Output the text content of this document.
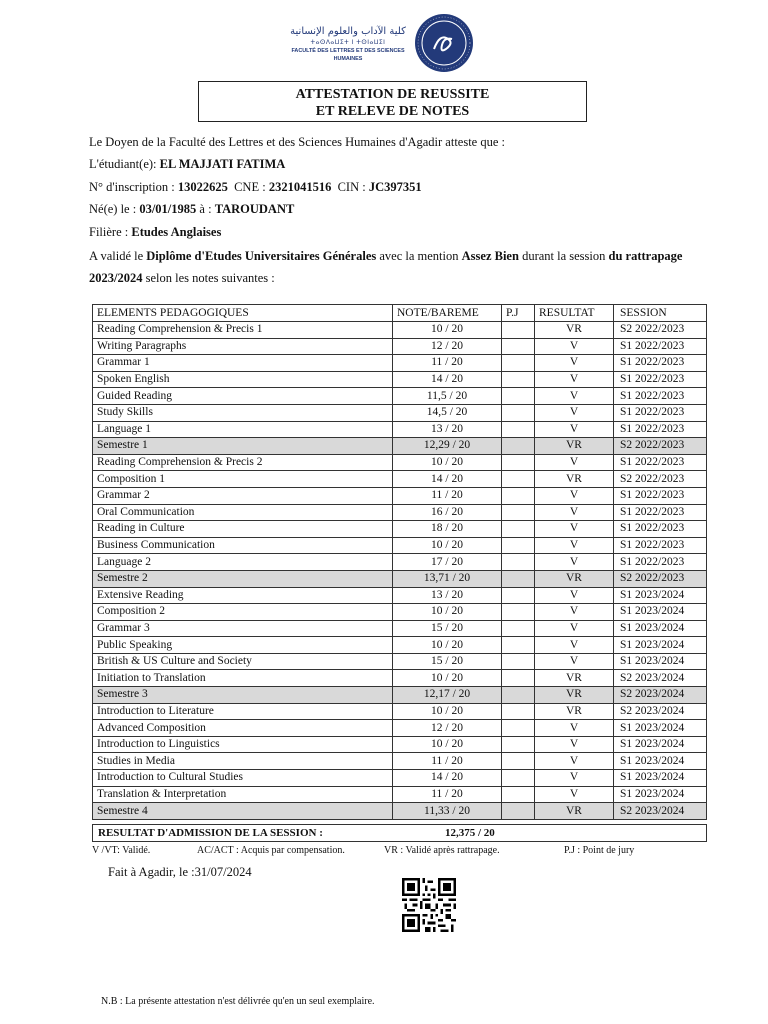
كلية الآداب والعلوم الإنسانية
ⵜⴰⵙⴷⴰⵡⵉⵜ ⵏ ⵜⵙⵏⴰⵡⵉⵏ
FACULTÉ DES LETTRES ET DES SCIENCES HUMAINES
ATTESTATION DE REUSSITE
ET RELEVE DE NOTES
Le Doyen de la Faculté des Lettres et des Sciences Humaines d'Agadir atteste que :
L'étudiant(e): EL MAJJATI FATIMA
N° d'inscription : 13022625 CNE : 2321041516 CIN : JC397351
Né(e) le : 03/01/1985 à : TAROUDANT
Filière : Etudes Anglaises
A validé le Diplôme d'Etudes Universitaires Générales avec la mention Assez Bien durant la session du rattrapage 2023/2024 selon les notes suivantes :
ELEMENTS PEDAGOGIQUES	NOTE/BAREME	P.J	RESULTAT	SESSION
Reading Comprehension & Precis 1	10 / 20		VR	S2 2022/2023
Writing Paragraphs	12 / 20		V	S1 2022/2023
Grammar 1	11 / 20		V	S1 2022/2023
Spoken English	14 / 20		V	S1 2022/2023
Guided Reading	11,5 / 20		V	S1 2022/2023
Study Skills	14,5 / 20		V	S1 2022/2023
Language 1	13 / 20		V	S1 2022/2023
Semestre 1	12,29 / 20		VR	S2 2022/2023
Reading Comprehension & Precis 2	10 / 20		V	S1 2022/2023
Composition 1	14 / 20		VR	S2 2022/2023
Grammar 2	11 / 20		V	S1 2022/2023
Oral Communication	16 / 20		V	S1 2022/2023
Reading in Culture	18 / 20		V	S1 2022/2023
Business Communication	10 / 20		V	S1 2022/2023
Language 2	17 / 20		V	S1 2022/2023
Semestre 2	13,71 / 20		VR	S2 2022/2023
Extensive Reading	13 / 20		V	S1 2023/2024
Composition 2	10 / 20		V	S1 2023/2024
Grammar 3	15 / 20		V	S1 2023/2024
Public Speaking	10 / 20		V	S1 2023/2024
British & US Culture and Society	15 / 20		V	S1 2023/2024
Initiation to Translation	10 / 20		VR	S2 2023/2024
Semestre 3	12,17 / 20		VR	S2 2023/2024
Introduction to Literature	10 / 20		VR	S2 2023/2024
Advanced Composition	12 / 20		V	S1 2023/2024
Introduction to Linguistics	10 / 20		V	S1 2023/2024
Studies in Media	11 / 20		V	S1 2023/2024
Introduction to Cultural Studies	14 / 20		V	S1 2023/2024
Translation & Interpretation	11 / 20		V	S1 2023/2024
Semestre 4	11,33 / 20		VR	S2 2023/2024
RESULTAT D'ADMISSION DE LA SESSION :	12,375 / 20
V /VT: Validé.	AC/ACT : Acquis par compensation.	VR : Validé après rattrapage.	P.J : Point de jury
Fait à Agadir, le :31/07/2024
N.B : La présente attestation n'est délivrée qu'en un seul exemplaire.
